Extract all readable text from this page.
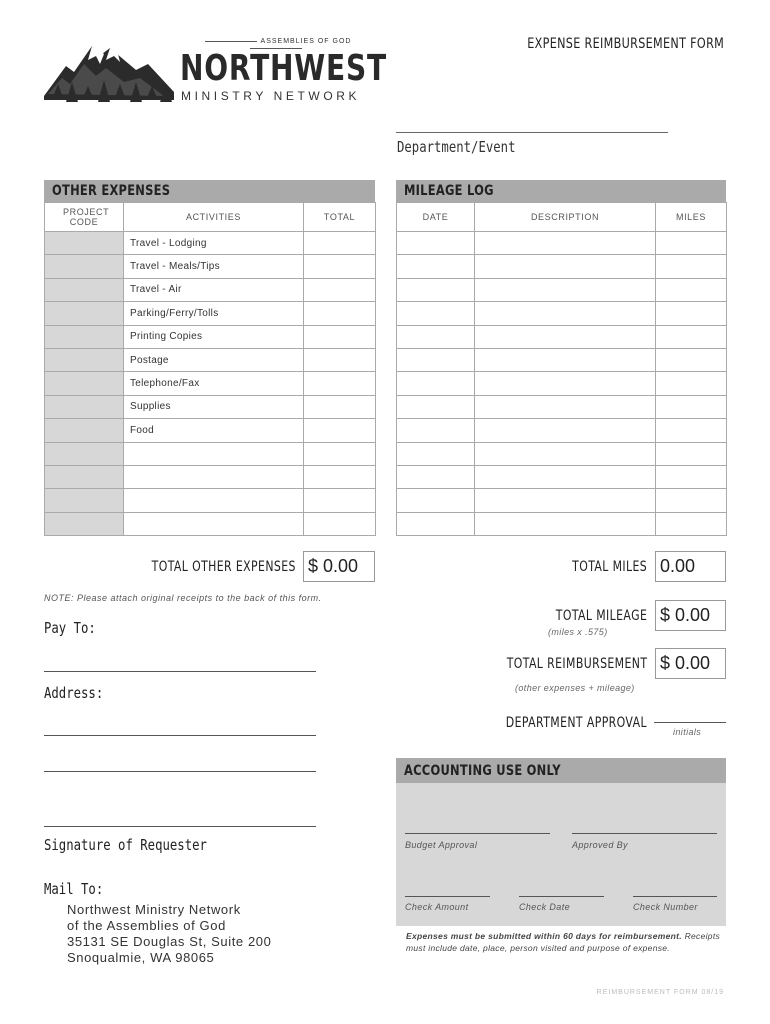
ASSEMBLIES OF GOD
NORTHWEST
MINISTRY NETWORK
EXPENSE REIMBURSEMENT FORM
Department/Event
OTHER EXPENSES
PROJECT CODE	ACTIVITIES	TOTAL
	Travel - Lodging	
	Travel - Meals/Tips	
	Travel - Air	
	Parking/Ferry/Tolls	
	Printing Copies	
	Postage	
	Telephone/Fax	
	Supplies	
	Food	

MILEAGE LOG
DATE	DESCRIPTION	MILES

TOTAL OTHER EXPENSES $ 0.00	TOTAL MILES 0.00
NOTE: Please attach original receipts to the back of this form.
TOTAL MILEAGE $ 0.00
(miles x .575)
TOTAL REIMBURSEMENT $ 0.00
(other expenses + mileage)
DEPARTMENT APPROVAL
initials
Pay To:
Address:
Signature of Requester
Mail To:
Northwest Ministry Network
of the Assemblies of God
35131 SE Douglas St, Suite 200
Snoqualmie, WA 98065
ACCOUNTING USE ONLY
Budget Approval	Approved By
Check Amount	Check Date	Check Number
Expenses must be submitted within 60 days for reimbursement. Receipts must include date, place, person visited and purpose of expense.
REIMBURSEMENT FORM 08/19
